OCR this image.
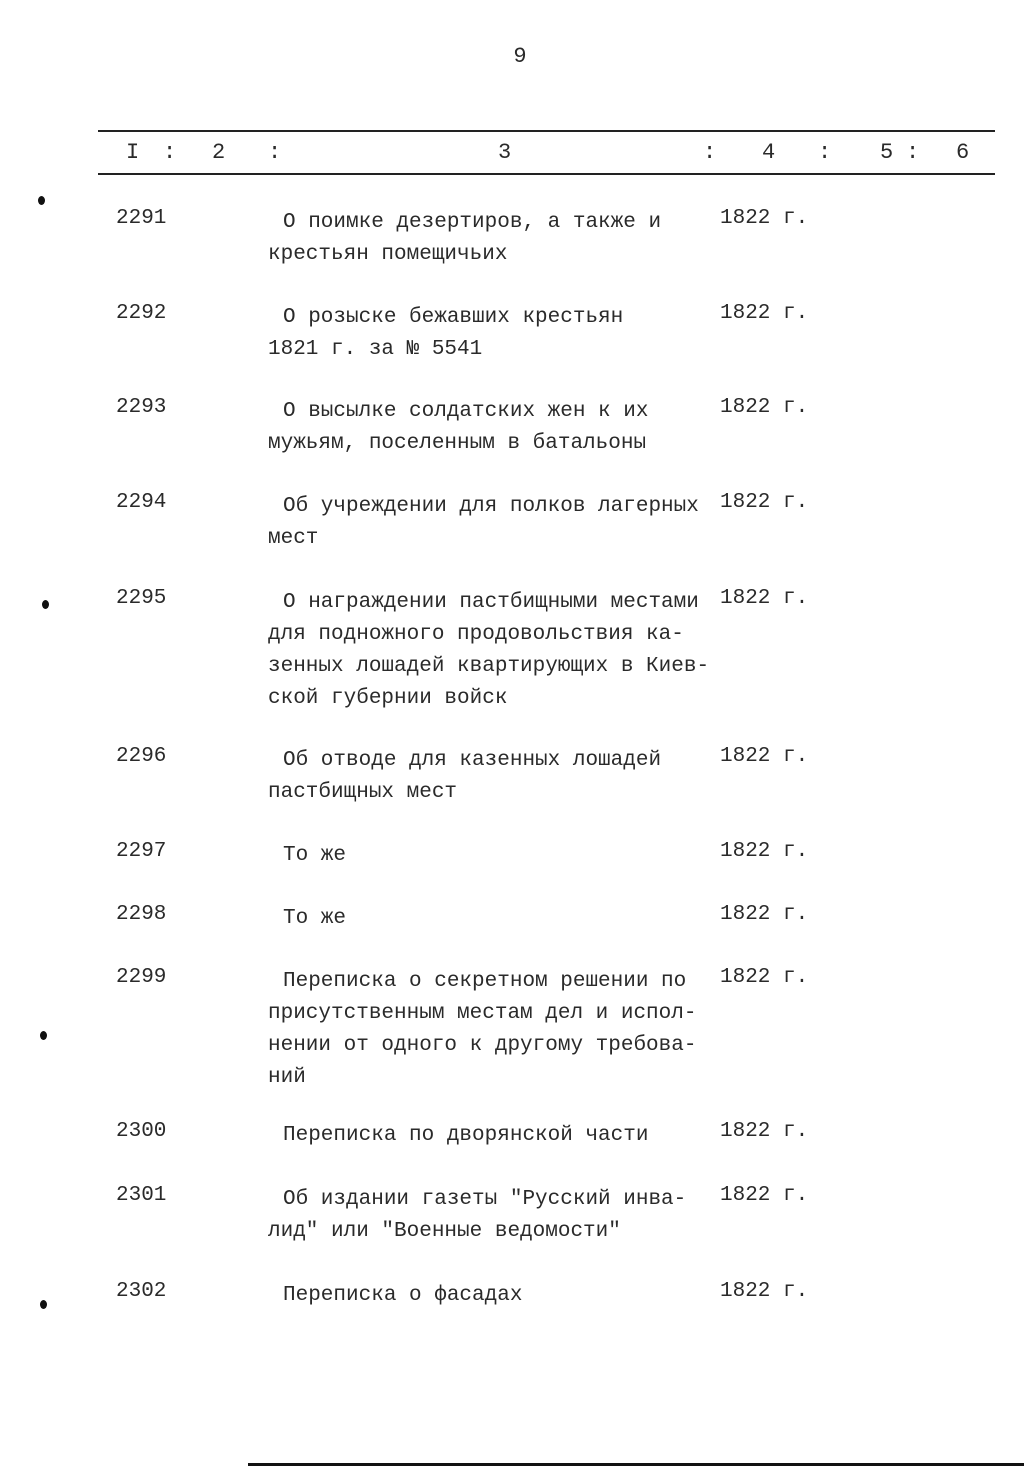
9
I : 2 :	3	: 4 : 5 : 6
2291	О поимке дезертиров, а также и
крестьян помещичьих
1822 г.
2292	О розыске бежавших крестьян
1821 г. за № 5541
1822 г.
2293	О высылке солдатских жен к их
мужьям, поселенным в батальоны
1822 г.
2294	Об учреждении для полков лагерных
мест
1822 г.
2295	О награждении пастбищными местами
для подножного продовольствия ка-
зенных лошадей квартирующих в Киев-
ской губернии войск
1822 г.
2296	Об отводе для казенных лошадей
пастбищных мест
1822 г.
2297	То же	1822 г.
2298	То же	1822 г.
2299	Переписка о секретном решении по
присутственным местам дел и испол-
нении от одного к другому требова-
ний
1822 г.
2300	Переписка по дворянской части	1822 г.
2301	Об издании газеты "Русский инва-
лид" или "Военные ведомости"
1822 г.
2302	Переписка о фасадах	1822 г.
